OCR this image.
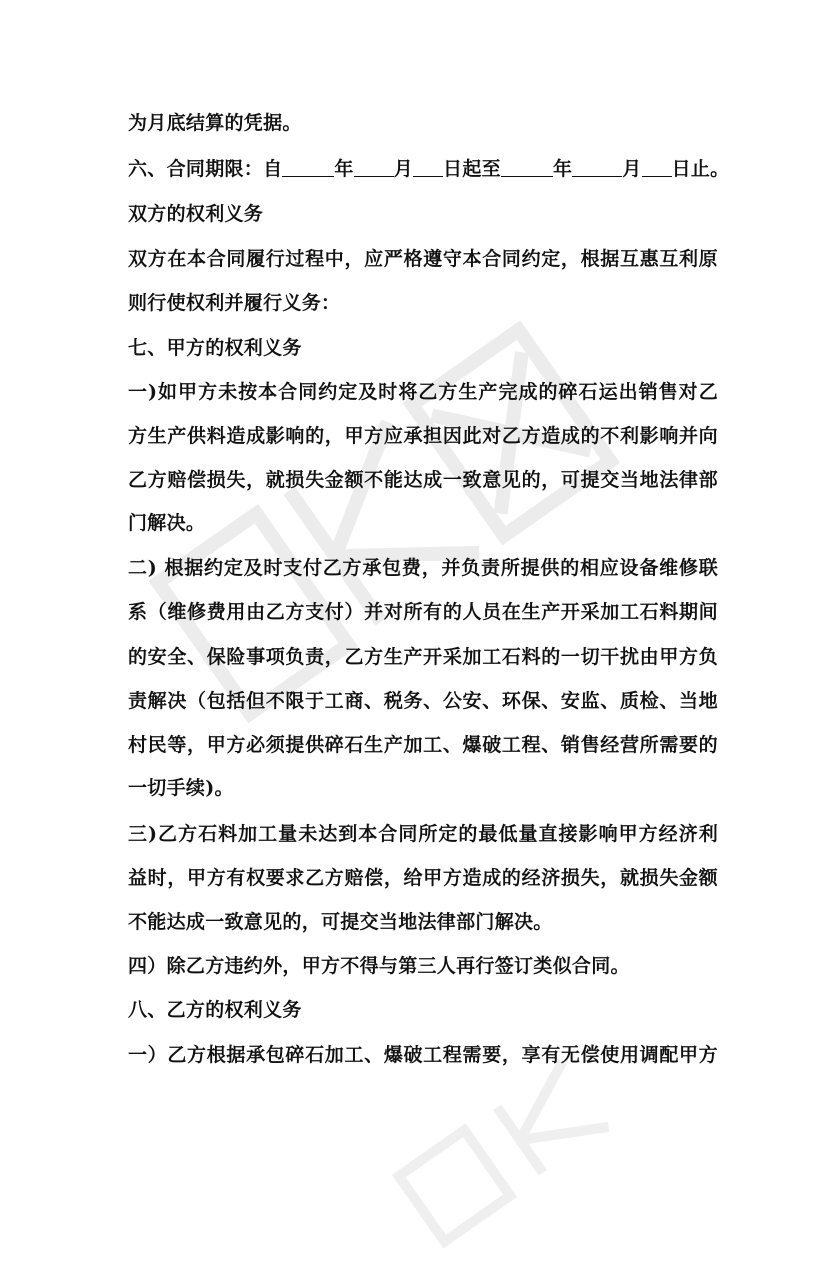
为月底结算的凭据。
六、合同期限：自	年 月 日起至	年	月 日止。
双方的权利义务
双方在本合同履行过程中，应严格遵守本合同约定，根据互惠互利原
则行使权利并履行义务：
七、甲方的权利义务
一)如甲方未按本合同约定及时将乙方生产完成的碎石运出销售对乙
方生产供料造成影响的，甲方应承担因此对乙方造成的不利影响并向
乙方赔偿损失，就损失金额不能达成一致意见的，可提交当地法律部
门解决。
二) 根据约定及时支付乙方承包费，并负责所提供的相应设备维修联
系（维修费用由乙方支付）并对所有的人员在生产开采加工石料期间
的安全、保险事项负责，乙方生产开采加工石料的一切干扰由甲方负
责解决（包括但不限于工商、税务、公安、环保、安监、质检、当地
村民等，甲方必须提供碎石生产加工、爆破工程、销售经营所需要的
一切手续)。
三)乙方石料加工量未达到本合同所定的最低量直接影响甲方经济利
益时，甲方有权要求乙方赔偿，给甲方造成的经济损失，就损失金额
不能达成一致意见的，可提交当地法律部门解决。
四）除乙方违约外，甲方不得与第三人再行签订类似合同。
八、乙方的权利义务
一）乙方根据承包碎石加工、爆破工程需要，享有无偿使用调配甲方
